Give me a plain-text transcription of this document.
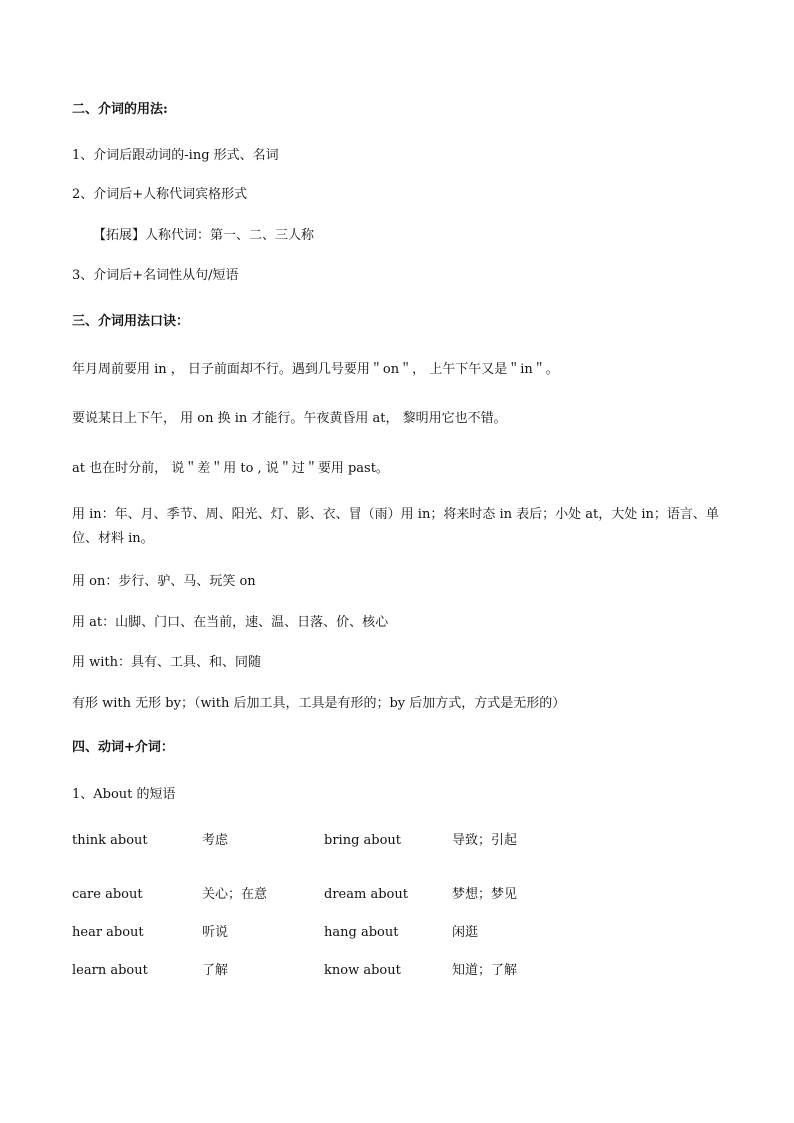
二、介词的用法:
1、介词后跟动词的-ing 形式、名词
2、介词后+人称代词宾格形式
【拓展】人称代词：第一、二、三人称
3、介词后+名词性从句/短语
三、介词用法口诀：
年月周前要用 in ， 日子前面却不行。遇到几号要用＂on＂， 上午下午又是＂in＂。
要说某日上下午， 用 on 换 in 才能行。午夜黄昏用 at， 黎明用它也不错。
at 也在时分前， 说＂差＂用 to , 说＂过＂要用 past。
用 in：年、月、季节、周、阳光、灯、影、衣、冒（雨）用 in；将来时态 in 表后；小处 at，大处 in；语言、单位、材料 in。
用 on：步行、驴、马、玩笑 on
用 at：山脚、门口、在当前，速、温、日落、价、核心
用 with：具有、工具、和、同随
有形 with 无形 by；（with 后加工具，工具是有形的；by 后加方式，方式是无形的）
四、动词+介词：
1、About 的短语
think about	考虑	bring about	导致；引起
care about	关心；在意	dream about	梦想；梦见
hear about	听说	hang about	闲逛
learn about	了解	know about	知道；了解
